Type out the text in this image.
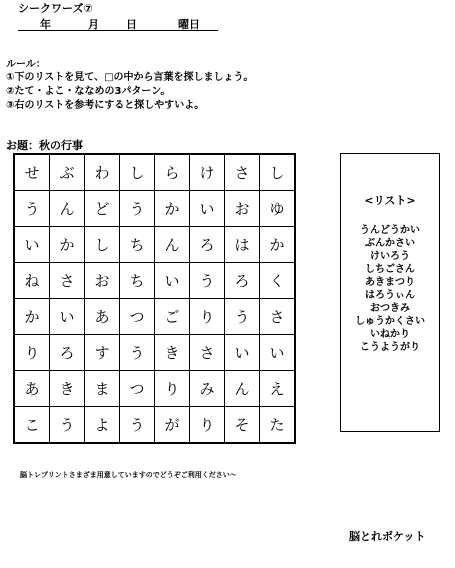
シークワーズ⑦
年	月 日	曜日
ルール：
①下のリストを見て、□の中から言葉を探しましょう。
②たて・よこ・ななめの3パターン。
③右のリストを参考にすると探しやすいよ。
お題：秋の行事
せ	ぶ	わ	し	ら	け	さ	し
う	ん	ど	う	か	い	お	ゆ
い	か	し	ち	ん	ろ	は	か
ね	さ	お	ち	い	う	ろ	く
か	い	あ	つ	ご	り	う	さ
り	ろ	す	う	き	さ	い	い
あ	き	ま	つ	り	み	ん	え
こ	う	よ	う	が	り	そ	た
<リスト>
うんどうかい
ぶんかさい
けいろう
しちごさん
あきまつり
はろうぃん
おつきみ
しゅうかくさい
いねかり
こうようがり
脳トレプリントさまざま用意していますのでどうぞご利用ください～
脳とれポケット
